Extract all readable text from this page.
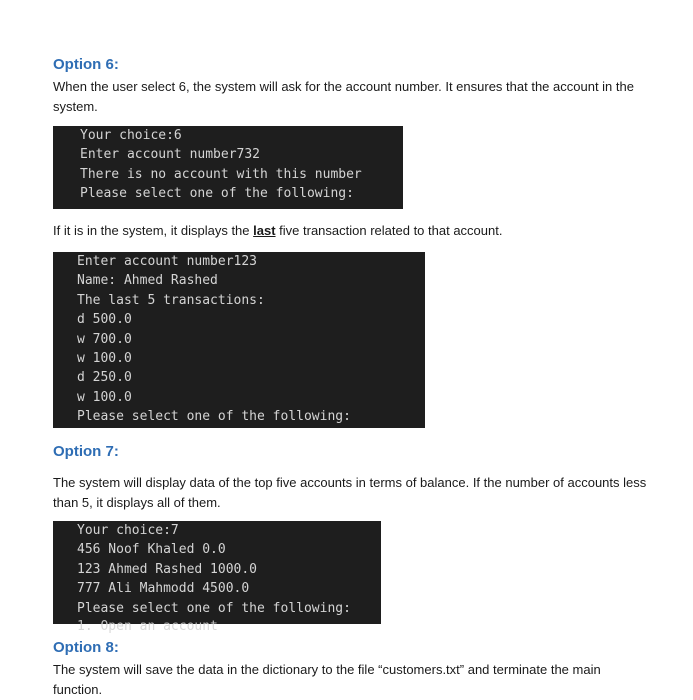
Option 6:

When the user select 6, the system will ask for the account number. It ensures that the account in the system.

Your choice:6
Enter account number732
There is no account with this number
Please select one of the following:

If it is in the system, it displays the last five transaction related to that account.

Enter account number123
Name: Ahmed Rashed
The last 5 transactions:
d 500.0
w 700.0
w 100.0
d 250.0
w 100.0
Please select one of the following:
Option 7:

The system will display data of the top five accounts in terms of balance. If the number of accounts less than 5, it displays all of them.

Your choice:7
456 Noof Khaled 0.0
123 Ahmed Rashed 1000.0
777 Ali Mahmodd 4500.0
Please select one of the following:
1. Open an account
Option 8:

The system will save the data in the dictionary to the file “customers.txt” and terminate the main function.
